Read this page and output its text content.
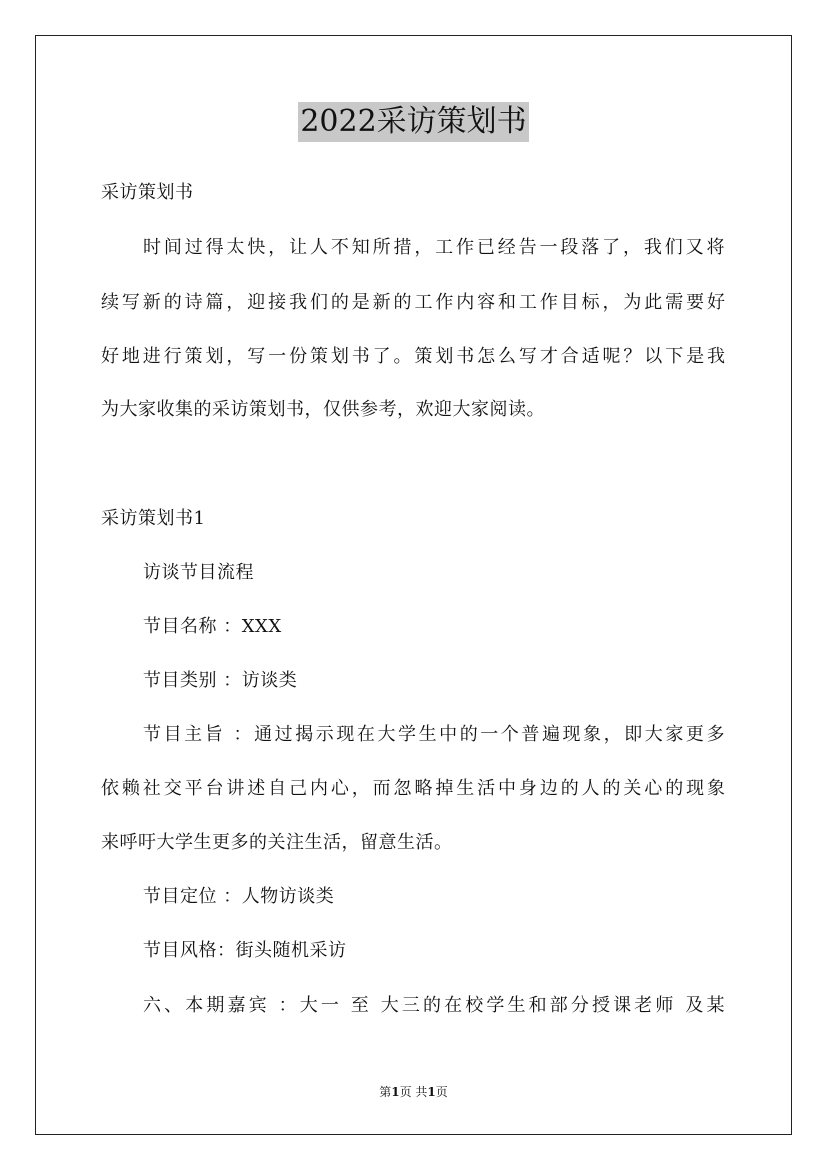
2022采访策划书
采访策划书
时间过得太快，让人不知所措，工作已经告一段落了，我们又将
续写新的诗篇，迎接我们的是新的工作内容和工作目标，为此需要好
好地进行策划，写一份策划书了。策划书怎么写才合适呢？以下是我
为大家收集的采访策划书，仅供参考，欢迎大家阅读。
采访策划书1
访谈节目流程
节目名称 ：XXX
节目类别 ：访谈类
节目主旨 ：通过揭示现在大学生中的一个普遍现象，即大家更多
依赖社交平台讲述自己内心，而忽略掉生活中身边的人的关心的现象
来呼吁大学生更多的关注生活，留意生活。
节目定位 ：人物访谈类
节目风格：街头随机采访
六、本期嘉宾 ：大一 至 大三的在校学生和部分授课老师 及某
第1页 共1页
